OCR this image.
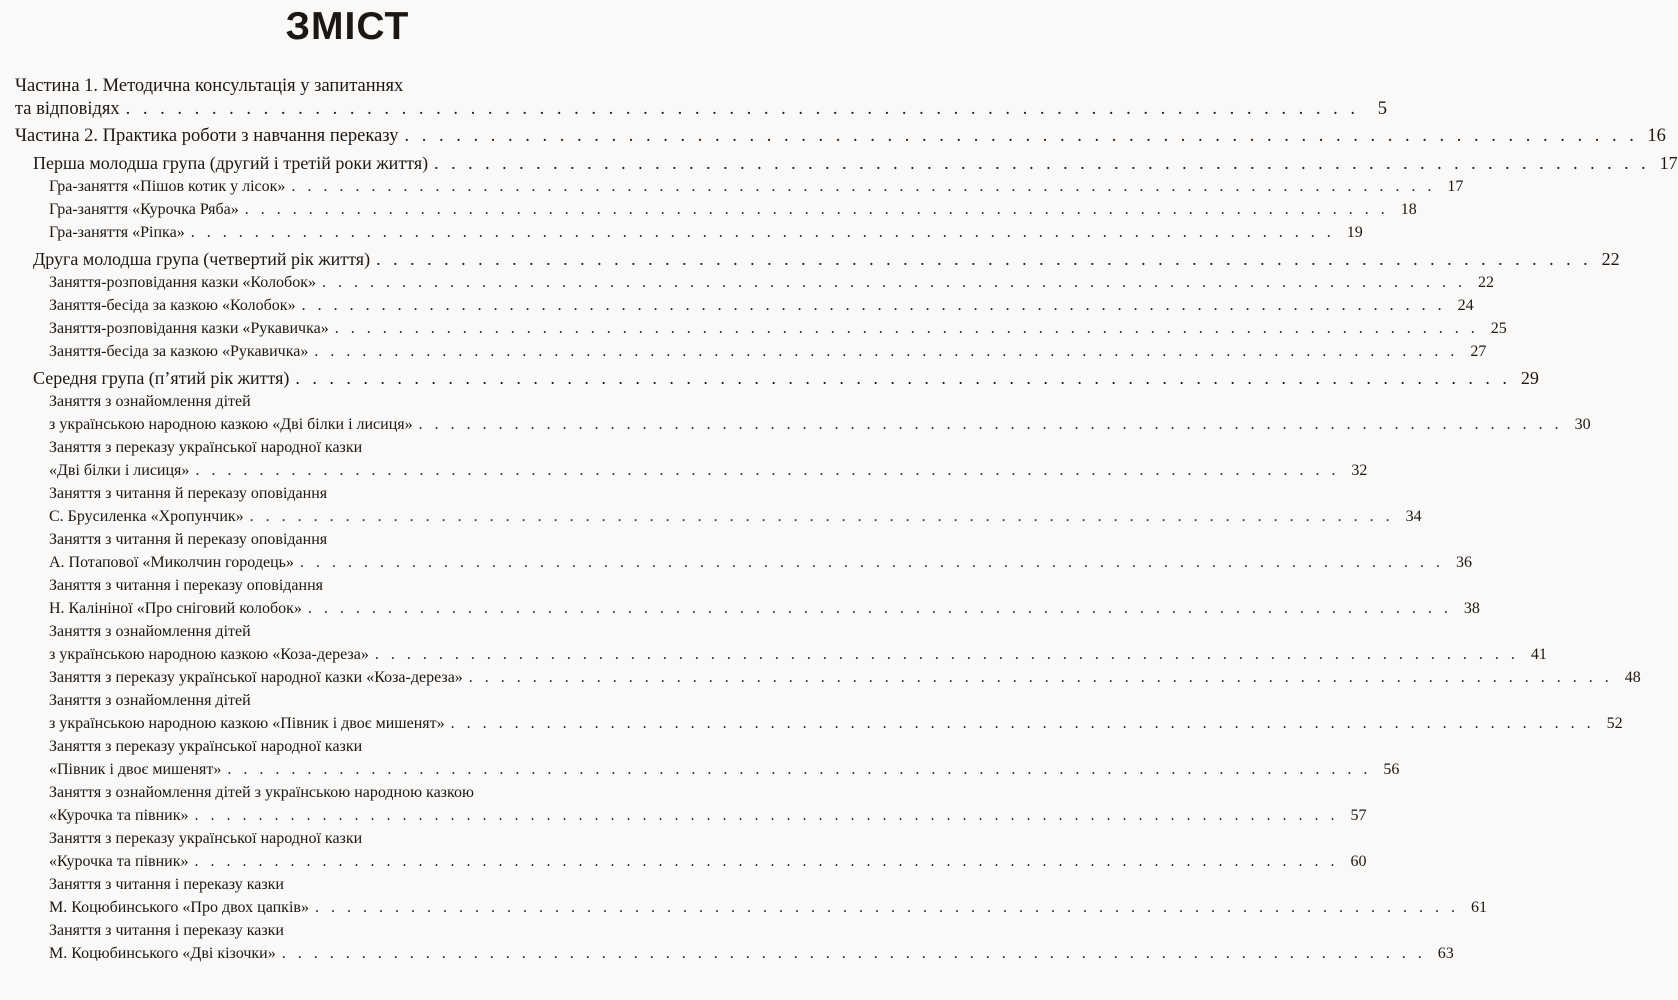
ЗМІСТ
Частина 1. Методична консультація у запитаннях
та відповідях . . . . . . . . . . . . . . . . . . . . . . . . . . . . . . . . . . . . . . . . . . . . . . . . . . . . . . . . . . . . . . . . . . . . . . . .	5
Частина 2. Практика роботи з навчання переказу . . . . . . . . . . . . . . . . . . . . . . . . . . . . . . . . . . . . . . . . . . . . . . . . . . . . . . . . . . . . . . . . . . . . . . . . 16
Перша молодша група (другий і третій роки життя) . . . . . . . . . . . . . . . . . . . . . . . . . . . . . . . . . . . . . . . . . . . . . . . . . . . . . . . . . . . . . . . . . . . . . . . . 17
Гра-заняття «Пішов котик у лісок» . . . . . . . . . . . . . . . . . . . . . . . . . . . . . . . . . . . . . . . . . . . . . . . . . . . . . . . . . . . . . . . . . . . . . . . . 17
Гра-заняття «Курочка Ряба» . . . . . . . . . . . . . . . . . . . . . . . . . . . . . . . . . . . . . . . . . . . . . . . . . . . . . . . . . . . . . . . . . . . . . . . . 18
Гра-заняття «Ріпка» . . . . . . . . . . . . . . . . . . . . . . . . . . . . . . . . . . . . . . . . . . . . . . . . . . . . . . . . . . . . . . . . . . . . . . . . 19
Друга молодша група (четвертий рік життя) . . . . . . . . . . . . . . . . . . . . . . . . . . . . . . . . . . . . . . . . . . . . . . . . . . . . . . . . . . . . . . . . . . . . . . . . 22
Заняття-розповідання казки «Колобок» . . . . . . . . . . . . . . . . . . . . . . . . . . . . . . . . . . . . . . . . . . . . . . . . . . . . . . . . . . . . . . . . . . . . . . . . 22
Заняття-бесіда за казкою «Колобок» . . . . . . . . . . . . . . . . . . . . . . . . . . . . . . . . . . . . . . . . . . . . . . . . . . . . . . . . . . . . . . . . . . . . . . . . 24
Заняття-розповідання казки «Рукавичка» . . . . . . . . . . . . . . . . . . . . . . . . . . . . . . . . . . . . . . . . . . . . . . . . . . . . . . . . . . . . . . . . . . . . . . . . 25
Заняття-бесіда за казкою «Рукавичка» . . . . . . . . . . . . . . . . . . . . . . . . . . . . . . . . . . . . . . . . . . . . . . . . . . . . . . . . . . . . . . . . . . . . . . . . 27
Середня група (п’ятий рік життя) . . . . . . . . . . . . . . . . . . . . . . . . . . . . . . . . . . . . . . . . . . . . . . . . . . . . . . . . . . . . . . . . . . . . . . . . 29
Заняття з ознайомлення дітей
з українською народною казкою «Дві білки і лисиця» . . . . . . . . . . . . . . . . . . . . . . . . . . . . . . . . . . . . . . . . . . . . . . . . . . . . . . . . . . . . . . . . . . . . . . . . 30
Заняття з переказу української народної казки
«Дві білки і лисиця» . . . . . . . . . . . . . . . . . . . . . . . . . . . . . . . . . . . . . . . . . . . . . . . . . . . . . . . . . . . . . . . . . . . . . . . . 32
Заняття з читання й переказу оповідання
С. Брусиленка «Хропунчик» . . . . . . . . . . . . . . . . . . . . . . . . . . . . . . . . . . . . . . . . . . . . . . . . . . . . . . . . . . . . . . . . . . . . . . . . 34
Заняття з читання й переказу оповідання
А. Потапової «Миколчин городець» . . . . . . . . . . . . . . . . . . . . . . . . . . . . . . . . . . . . . . . . . . . . . . . . . . . . . . . . . . . . . . . . . . . . . . . . 36
Заняття з читання і переказу оповідання
Н. Калініної «Про сніговий колобок» . . . . . . . . . . . . . . . . . . . . . . . . . . . . . . . . . . . . . . . . . . . . . . . . . . . . . . . . . . . . . . . . . . . . . . . . 38
Заняття з ознайомлення дітей
з українською народною казкою «Коза-дереза» . . . . . . . . . . . . . . . . . . . . . . . . . . . . . . . . . . . . . . . . . . . . . . . . . . . . . . . . . . . . . . . . . . . . . . . . 41
Заняття з переказу української народної казки «Коза-дереза» . . . . . . . . . . . . . . . . . . . . . . . . . . . . . . . . . . . . . . . . . . . . . . . . . . . . . . . . . . . . . . . . . . . . . . . . 48
Заняття з ознайомлення дітей
з українською народною казкою «Півник і двоє мишенят» . . . . . . . . . . . . . . . . . . . . . . . . . . . . . . . . . . . . . . . . . . . . . . . . . . . . . . . . . . . . . . . . . . . . . . . . 52
Заняття з переказу української народної казки
«Півник і двоє мишенят» . . . . . . . . . . . . . . . . . . . . . . . . . . . . . . . . . . . . . . . . . . . . . . . . . . . . . . . . . . . . . . . . . . . . . . . . 56
Заняття з ознайомлення дітей з українською народною казкою
«Курочка та півник» . . . . . . . . . . . . . . . . . . . . . . . . . . . . . . . . . . . . . . . . . . . . . . . . . . . . . . . . . . . . . . . . . . . . . . . . 57
Заняття з переказу української народної казки
«Курочка та півник» . . . . . . . . . . . . . . . . . . . . . . . . . . . . . . . . . . . . . . . . . . . . . . . . . . . . . . . . . . . . . . . . . . . . . . . . 60
Заняття з читання і переказу казки
М. Коцюбинського «Про двох цапків» . . . . . . . . . . . . . . . . . . . . . . . . . . . . . . . . . . . . . . . . . . . . . . . . . . . . . . . . . . . . . . . . . . . . . . . . 61
Заняття з читання і переказу казки
М. Коцюбинського «Дві кізочки» . . . . . . . . . . . . . . . . . . . . . . . . . . . . . . . . . . . . . . . . . . . . . . . . . . . . . . . . . . . . . . . . . . . . . . . . 63
